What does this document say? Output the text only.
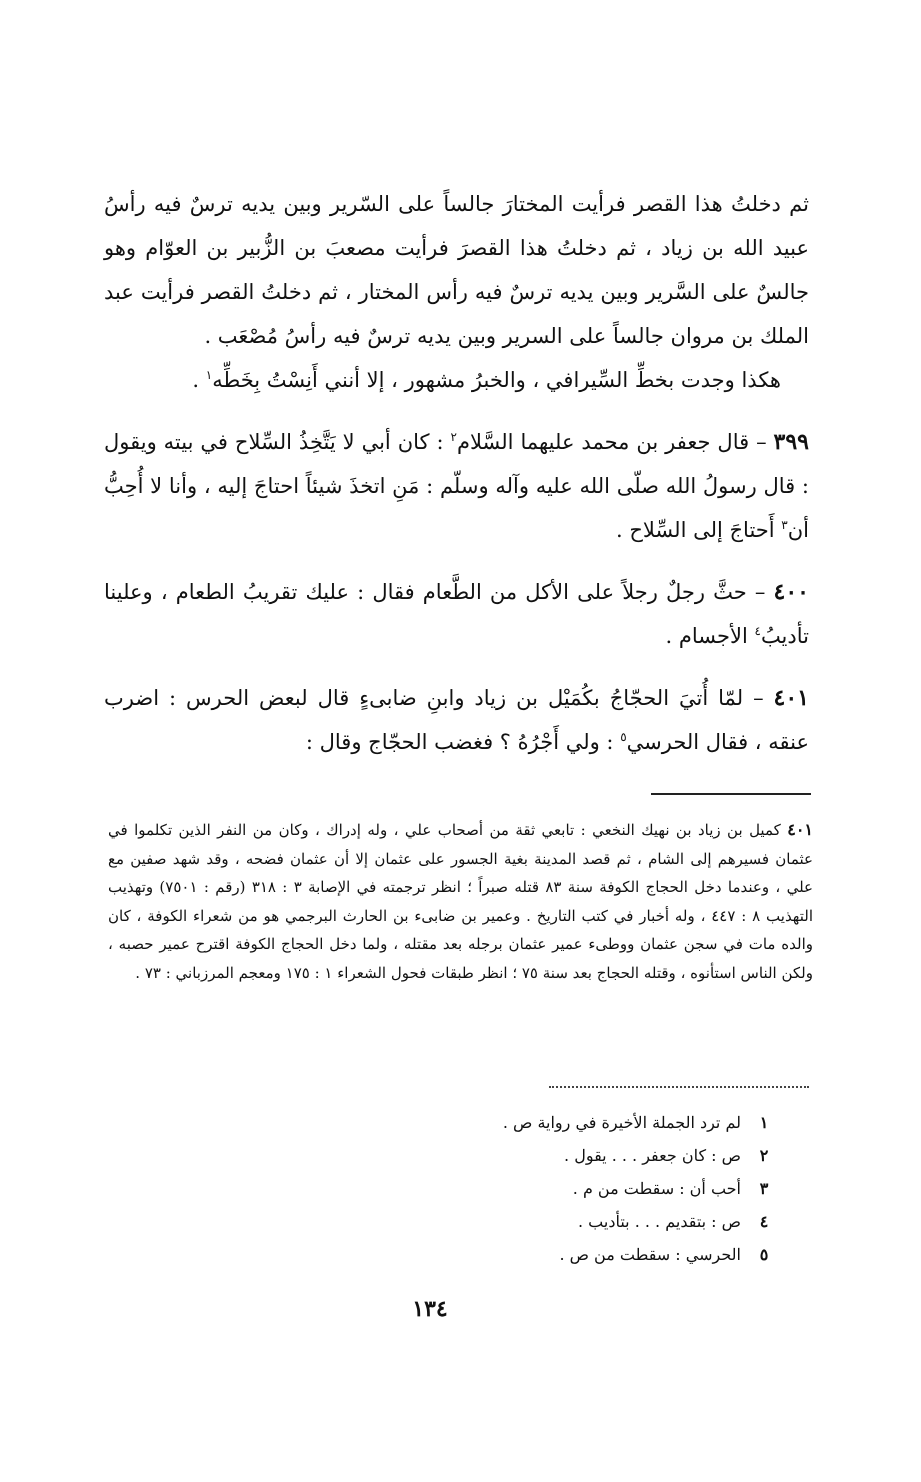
ثم دخلتُ هذا القصر فرأيت المختارَ جالساً على السّرير وبين يديه ترسٌ فيه رأسُ عبيد الله بن زياد ، ثم دخلتُ هذا القصرَ فرأيت مصعبَ بن الزُّبير بن العوّام وهو جالسٌ على السَّرير وبين يديه ترسٌ فيه رأس المختار ، ثم دخلتُ القصر فرأيت عبد الملك بن مروان جالساً على السرير وبين يديه ترسٌ فيه رأسُ مُصْعَب .

هكذا وجدت بخطِّ السِّيرافي ، والخبرُ مشهور ، إلا أنني أَنِسْتُ بِخَطِّه$^١$ .

٣٩٩ – قال جعفر بن محمد عليهما السَّلام$^٢$ : كان أبي لا يَتَّخِذُ السِّلاح في بيته ويقول : قال رسولُ الله صلّى الله عليه وآله وسلّم : مَنِ اتخذَ شيئاً احتاجَ إليه ، وأنا لا أُحِبُّ أن$^٣$ أَحتاجَ إلى السِّلاح .

٤٠٠ – حثَّ رجلٌ رجلاً على الأكل من الطَّعام فقال : عليك تقريبُ الطعام ، وعلينا تأديبُ$^٤$ الأجسام .

٤٠١ – لمّا أُتيَ الحجّاجُ بكُمَيْل بن زياد وابنِ ضابىءٍ قال لبعض الحرس : اضرب عنقه ، فقال الحرسي$^٥$ : ولي أَجْرُهُ ؟ فغضب الحجّاج وقال :

٤٠١ كميل بن زياد بن نهيك النخعي : تابعي ثقة من أصحاب علي ، وله إدراك ، وكان من النفر الذين تكلموا في عثمان فسيرهم إلى الشام ، ثم قصد المدينة بغية الجسور على عثمان إلا أن عثمان فضحه ، وقد شهد صفين مع علي ، وعندما دخل الحجاج الكوفة سنة ٨٣ قتله صبراً ؛ انظر ترجمته في الإصابة ٣ : ٣١٨ (رقم : ٧٥٠١) وتهذيب التهذيب ٨ : ٤٤٧ ، وله أخبار في كتب التاريخ . وعمير بن ضابىء بن الحارث البرجمي هو من شعراء الكوفة ، كان والده مات في سجن عثمان ووطىء عمير عثمان برجله بعد مقتله ، ولما دخل الحجاج الكوفة اقترح عمير حصبه ، ولكن الناس استأنوه ، وقتله الحجاج بعد سنة ٧٥ ؛ انظر طبقات فحول الشعراء ١ : ١٧٥ ومعجم المرزباني : ٧٣ .
١
لم ترد الجملة الأخيرة في رواية ص .
٢
ص : كان جعفر . . . يقول .
٣
أحب أن : سقطت من م .
٤
ص : بتقديم . . . بتأديب .
٥
الحرسي : سقطت من ص .
١٣٤
